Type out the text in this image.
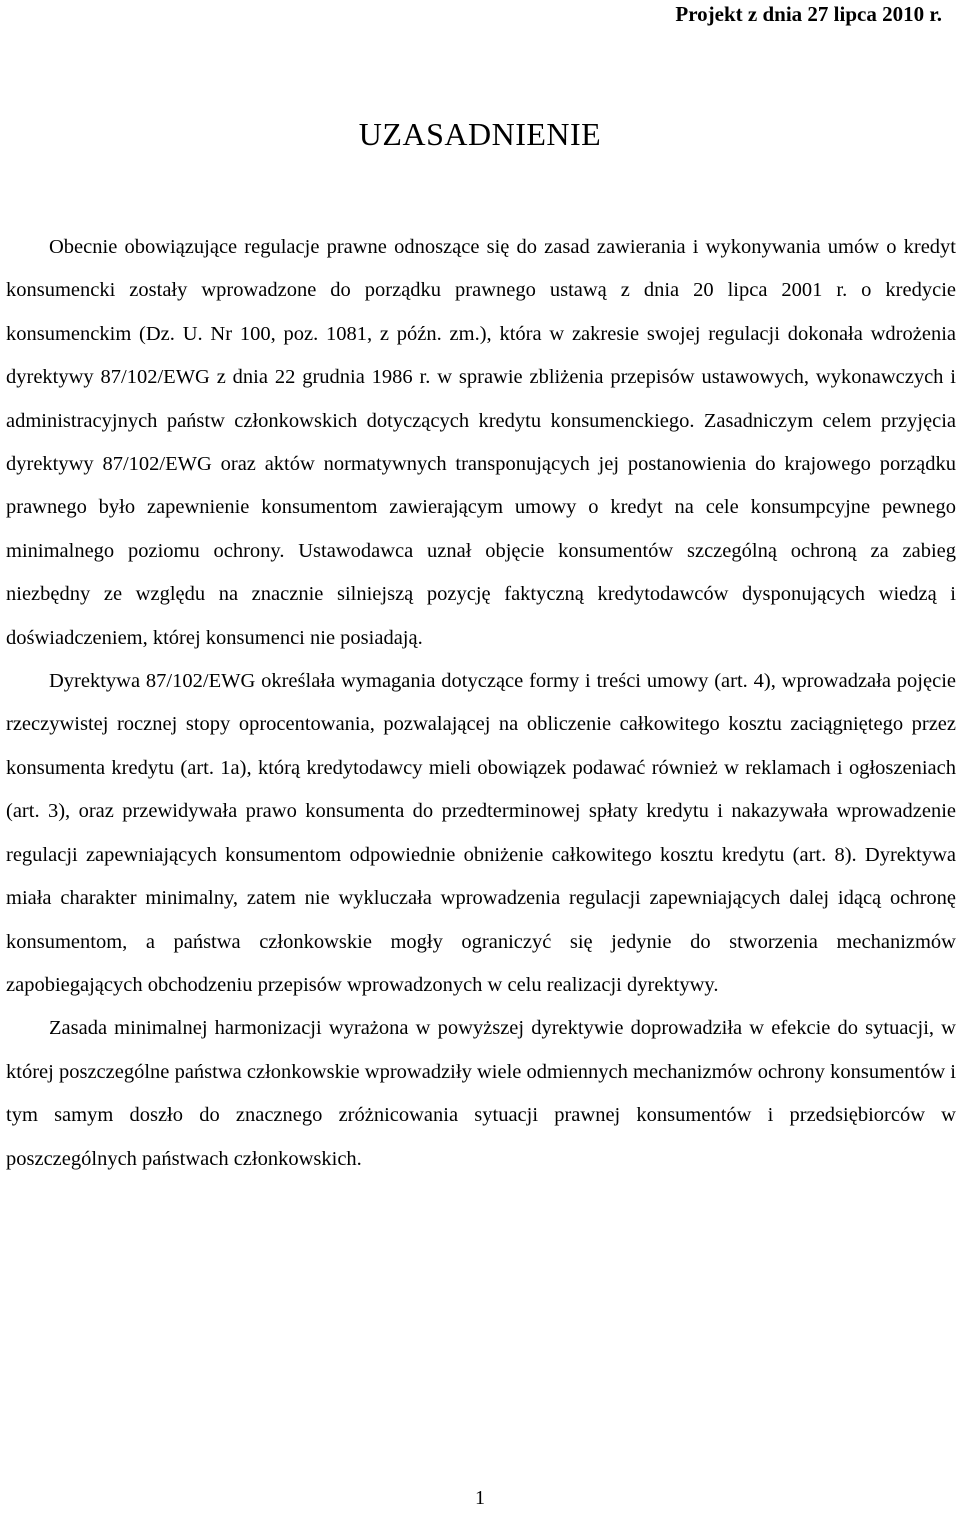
Projekt z dnia 27 lipca 2010 r.
UZASADNIENIE

Obecnie obowiązujące regulacje prawne odnoszące się do zasad zawierania i wykonywania umów o kredyt konsumencki zostały wprowadzone do porządku prawnego ustawą z dnia 20 lipca 2001 r. o kredycie konsumenckim (Dz. U. Nr 100, poz. 1081, z późn. zm.), która w zakresie swojej regulacji dokonała wdrożenia dyrektywy 87/102/EWG z dnia 22 grudnia 1986 r. w sprawie zbliżenia przepisów ustawowych, wykonawczych i administracyjnych państw członkowskich dotyczących kredytu konsumenckiego. Zasadniczym celem przyjęcia dyrektywy 87/102/EWG oraz aktów normatywnych transponujących jej postanowienia do krajowego porządku prawnego było zapewnienie konsumentom zawierającym umowy o kredyt na cele konsumpcyjne pewnego minimalnego poziomu ochrony. Ustawodawca uznał objęcie konsumentów szczególną ochroną za zabieg niezbędny ze względu na znacznie silniejszą pozycję faktyczną kredytodawców dysponujących wiedzą i doświadczeniem, której konsumenci nie posiadają.

Dyrektywa 87/102/EWG określała wymagania dotyczące formy i treści umowy (art. 4), wprowadzała pojęcie rzeczywistej rocznej stopy oprocentowania, pozwalającej na obliczenie całkowitego kosztu zaciągniętego przez konsumenta kredytu (art. 1a), którą kredytodawcy mieli obowiązek podawać również w reklamach i ogłoszeniach (art. 3), oraz przewidywała prawo konsumenta do przedterminowej spłaty kredytu i nakazywała wprowadzenie regulacji zapewniających konsumentom odpowiednie obniżenie całkowitego kosztu kredytu (art. 8). Dyrektywa miała charakter minimalny, zatem nie wykluczała wprowadzenia regulacji zapewniających dalej idącą ochronę konsumentom, a państwa członkowskie mogły ograniczyć się jedynie do stworzenia mechanizmów zapobiegających obchodzeniu przepisów wprowadzonych w celu realizacji dyrektywy.

Zasada minimalnej harmonizacji wyrażona w powyższej dyrektywie doprowadziła w efekcie do sytuacji, w której poszczególne państwa członkowskie wprowadziły wiele odmiennych mechanizmów ochrony konsumentów i tym samym doszło do znacznego zróżnicowania sytuacji prawnej konsumentów i przedsiębiorców w poszczególnych państwach członkowskich.

1
